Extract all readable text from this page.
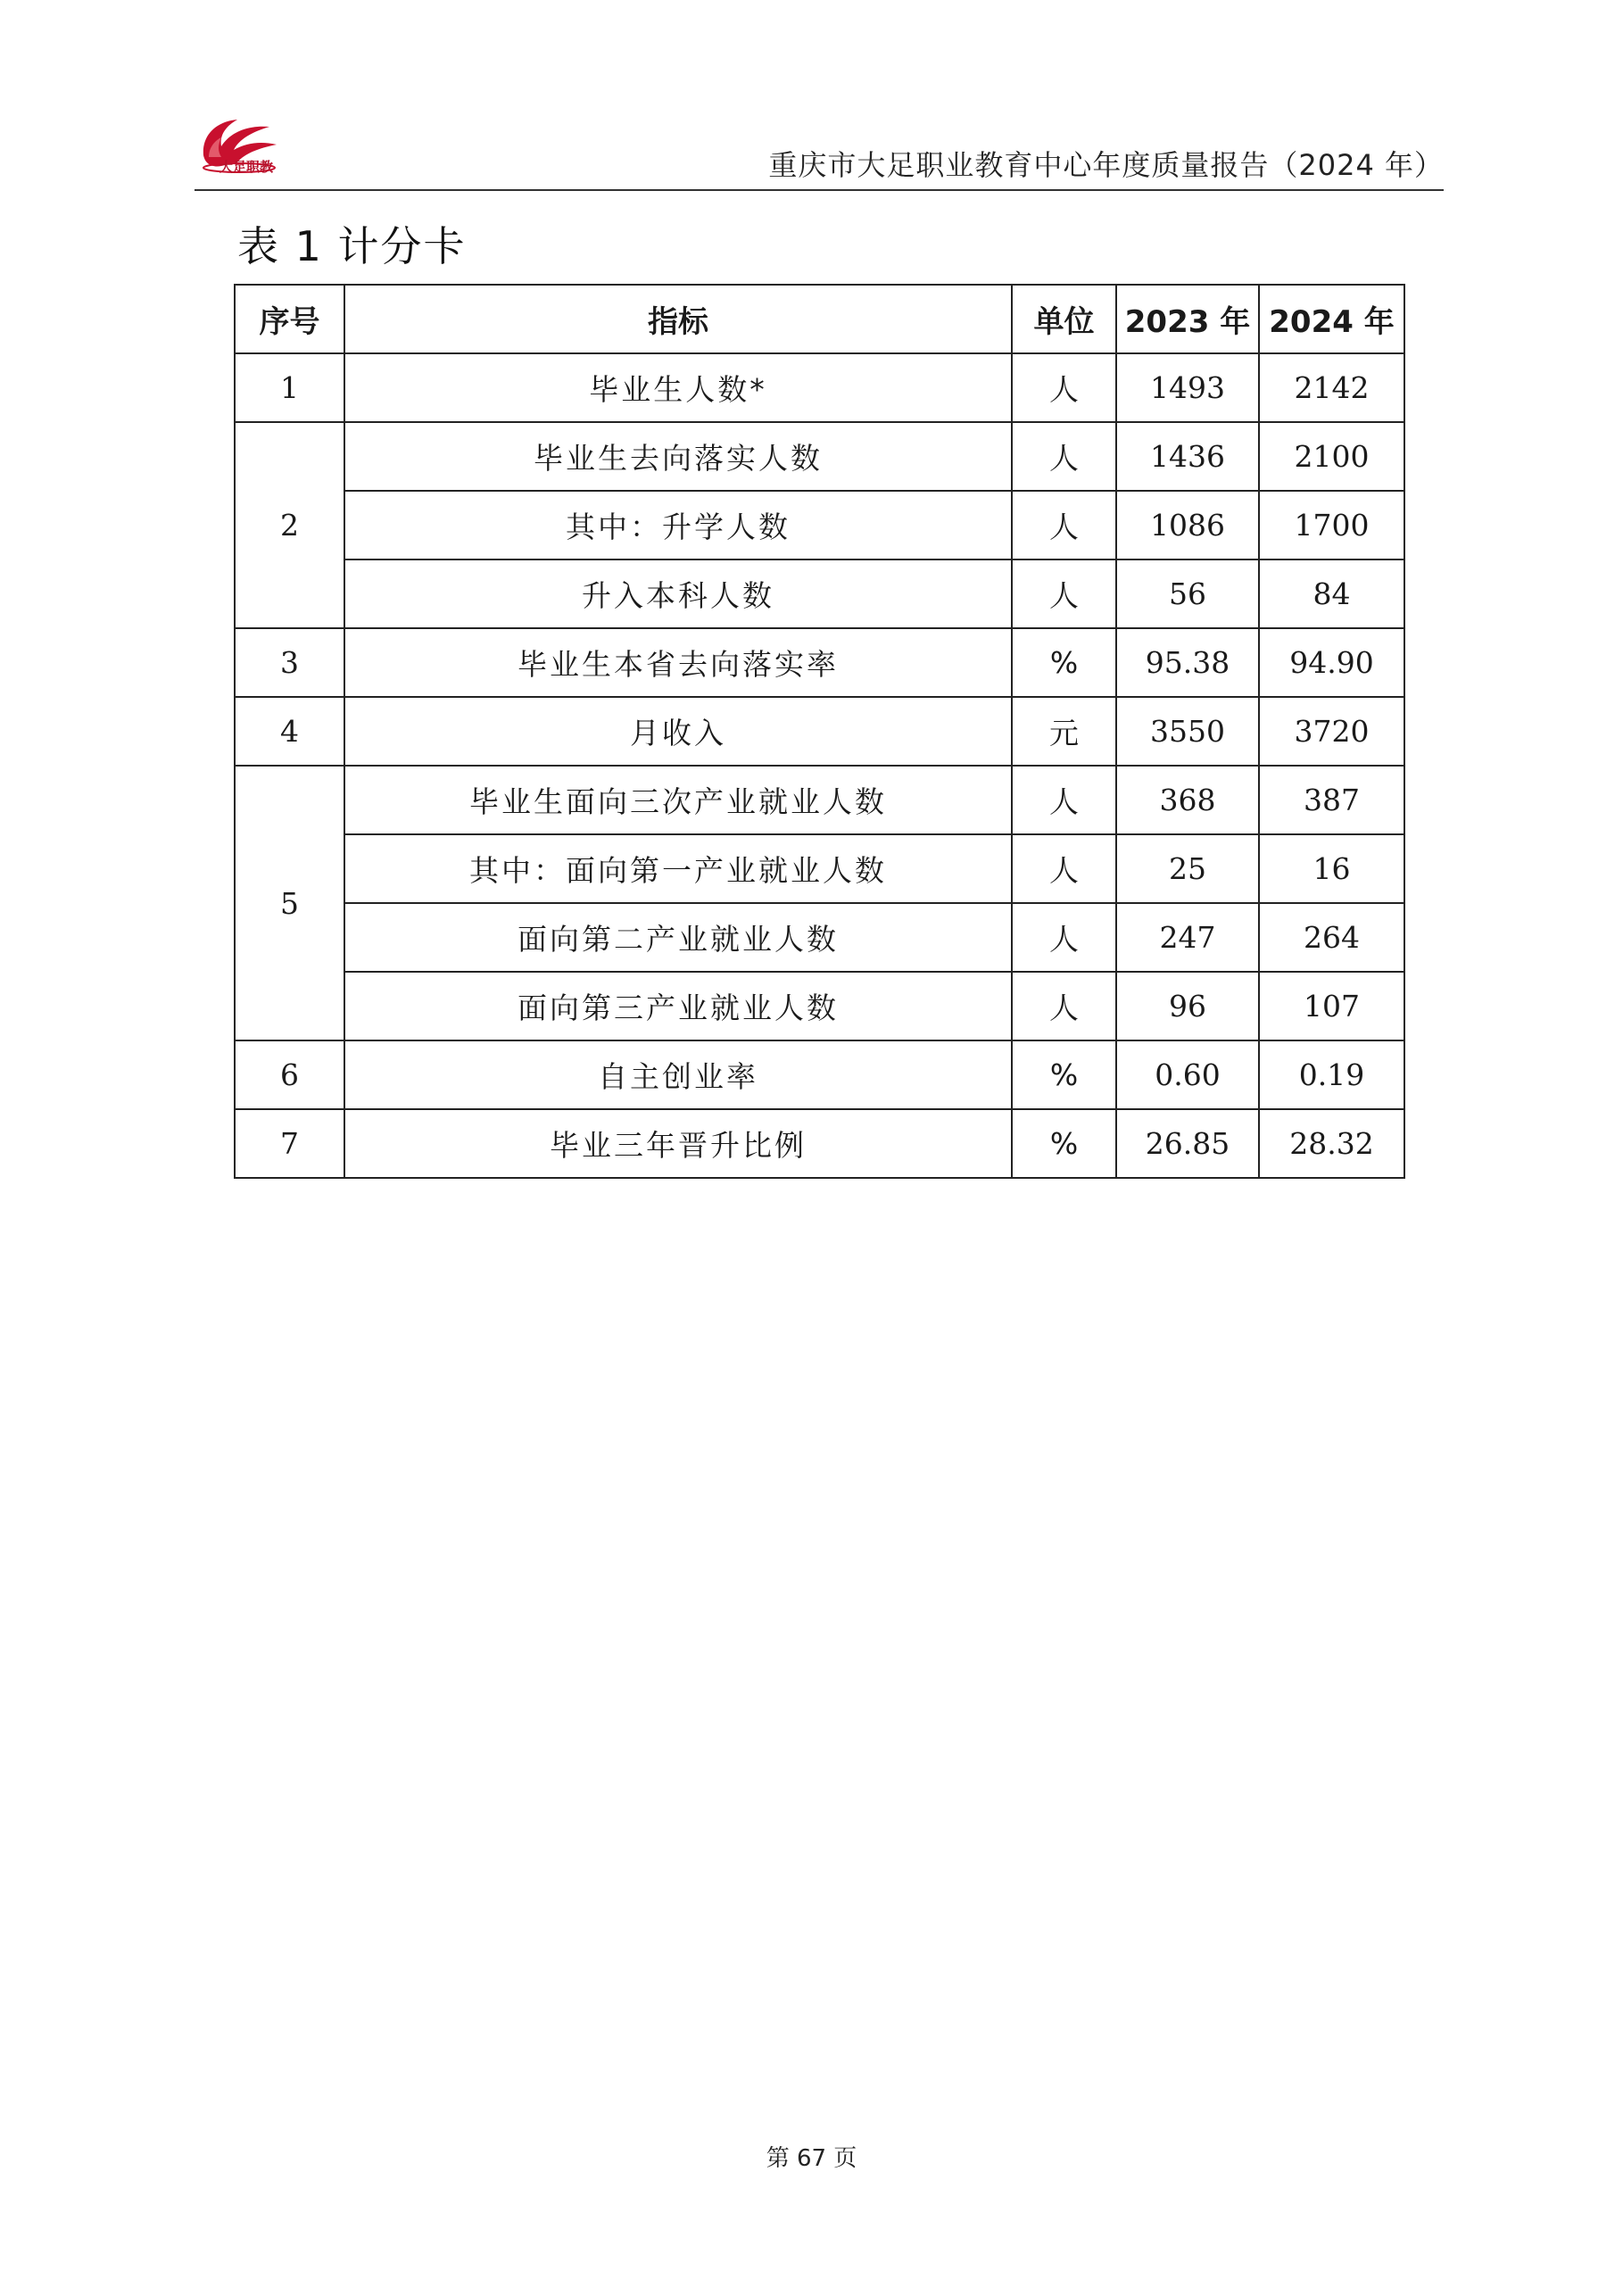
大足职教	重庆市大足职业教育中心年度质量报告（2024 年）
表 1 计分卡
序号	指标	单位	2023 年	2024 年
1	毕业生人数*	人	1493	2142
2	毕业生去向落实人数	人	1436	2100
	其中：升学人数	人	1086	1700
	升入本科人数	人	56	84
3	毕业生本省去向落实率	%	95.38	94.90
4	月收入	元	3550	3720
5	毕业生面向三次产业就业人数	人	368	387
	其中：面向第一产业就业人数	人	25	16
	面向第二产业就业人数	人	247	264
	面向第三产业就业人数	人	96	107
6	自主创业率	%	0.60	0.19
7	毕业三年晋升比例	%	26.85	28.32
第 67 页
